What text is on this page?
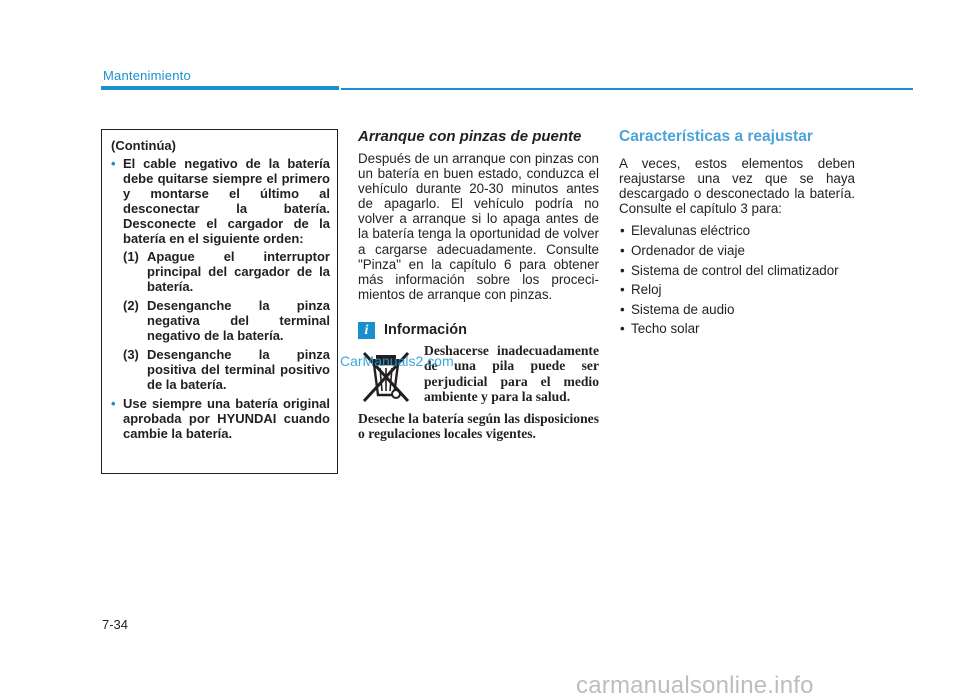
Mantenimiento

(Continúa)

• El cable negativo de la batería debe quitarse siempre el primero y montarse el último al desconectar la batería. Desconecte el cargador de la batería en el siguiente orden:

(1) Apague el interruptor principal del cargador de la batería.
(2) Desenganche la pinza negativa del terminal negativo de la batería.
(3) Desenganche la pinza positiva del terminal positivo de la batería.

• Use siempre una batería original aprobada por HYUNDAI cuando cambie la batería.

Arranque con pinzas de puente

Después de un arranque con pinzas con un batería en buen estado, conduzca el vehículo durante 20-30 minutos antes de apagarlo. El vehículo podría no volver a arranque si lo apaga antes de la batería tenga la oportunidad de volver a cargarse adecuadamente. Consulte "Pinza" en la capítulo 6 para obtener más información sobre los proceci-mientos de arranque con pinzas.

i	Información

Deshacerse inadecuadamente de una pila puede ser perjudicial para el medio ambiente y para la salud.

Deseche la batería según las disposiciones o regulaciones locales vigentes.

CarManuals2.com
Características a reajustar

A veces, estos elementos deben reajustarse una vez que se haya descargado o desconectado la batería. Consulte el capítulo 3 para:

• Elevalunas eléctrico
• Ordenador de viaje
• Sistema de control del climatizador
• Reloj
• Sistema de audio
• Techo solar
7-34
carmanualsonline.info
